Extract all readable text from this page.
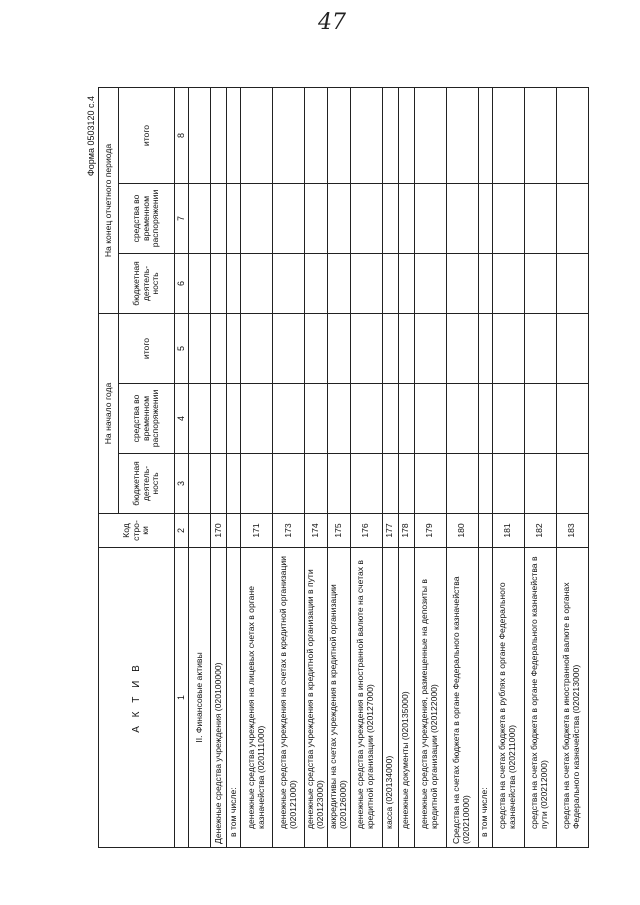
47
Форма 0503120 с.4
А К Т И В	Код стро-ки	На начало года			На конец отчетного периода		
		бюджетная деятель-ность	средства во временном распоряжении	итого	бюджетная деятель-ность	средства во временном распоряжении	итого
1	2	3	4	5	6	7	8
II. Финансовые активы							
Денежные средства учреждения (020100000)	170						
в том числе:							
денежные средства учреждения на лицевых счетах в органе казначейства (020111000)	171						
денежные средства учреждения на счетах в кредитной организации (020121000)	173						
денежные средства учреждения в кредитной организации в пути (020123000)	174						
аккредитивы на счетах учреждения в кредитной организации (020126000)	175						
денежные средства учреждения в иностранной валюте на счетах в кредитной организации (020127000)	176						
касса (020134000)	177						
денежные документы (020135000)	178						
денежные средства учреждения, размещенные на депозиты в кредитной организации (020122000)	179						
Средства на счетах бюджета в органе Федерального казначейства (020210000)	180						
в том числе:							
средства на счетах бюджета в рублях в органе Федерального казначейства (020211000)	181						
средства на счетах бюджета в органе Федерального казначейства в пути (020212000)	182						
средства на счетах бюджета в иностранной валюте в органах Федерального казначейства (020213000)	183						
